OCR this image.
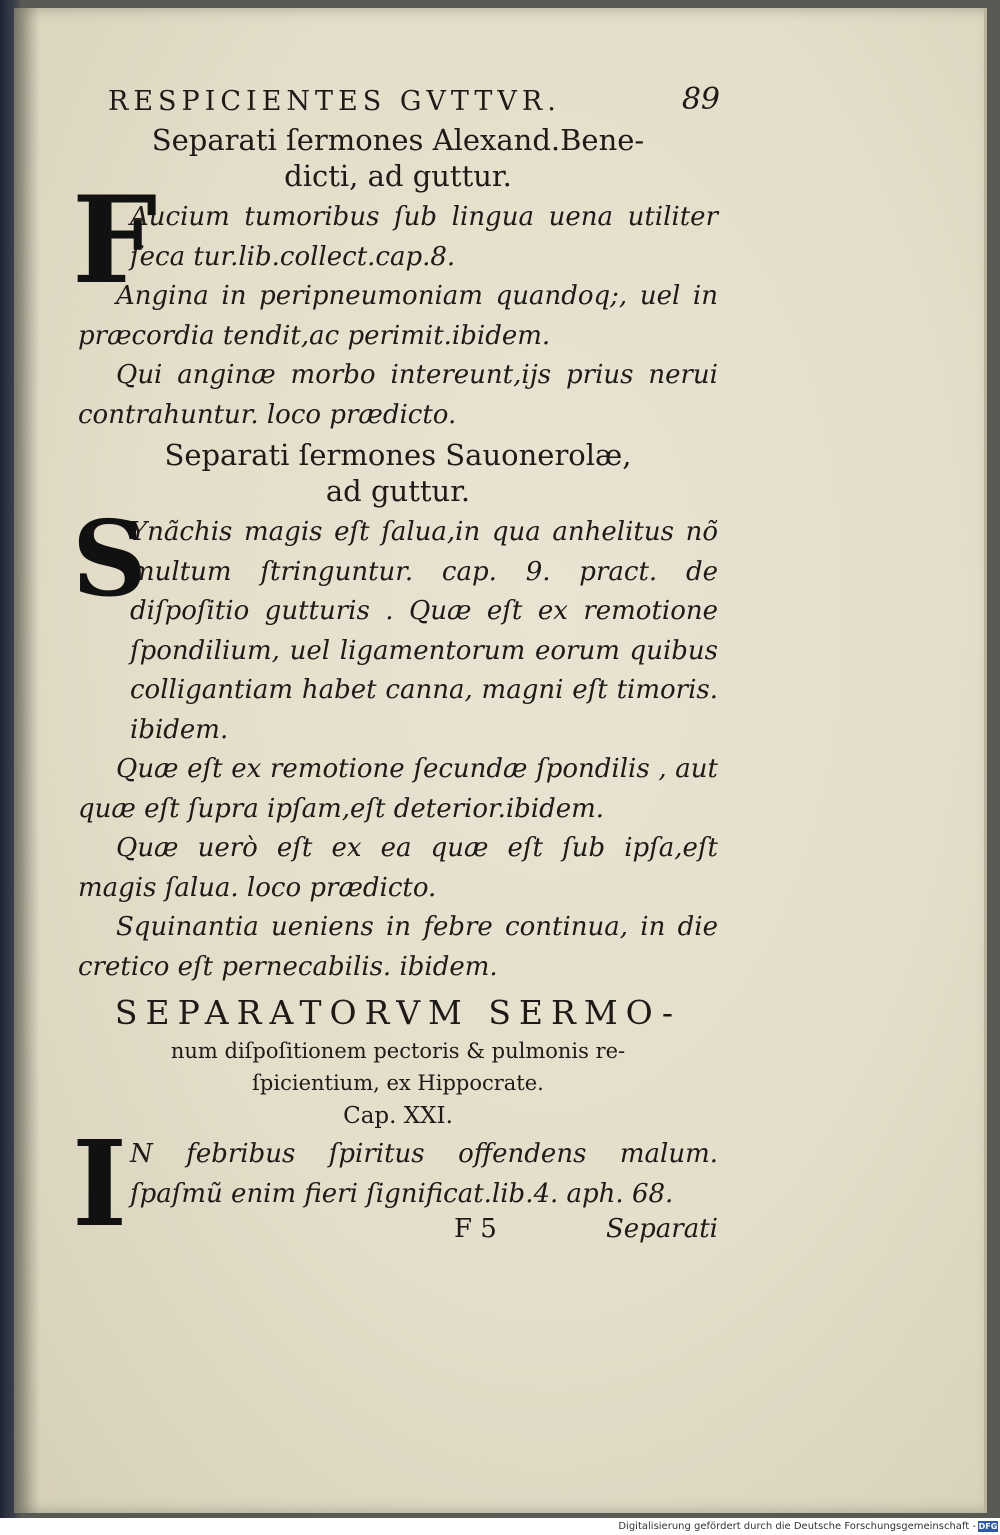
RESPICIENTES GVTTVR.	89

Separati ſermones Alexand.Bene-

dicti, ad guttur.

F
Aucium tumoribus ſub lingua uena utiliter ſeca tur.lib.collect.cap.8.

Angina in peripneumoniam quandoq;, uel in præcordia tendit,ac perimit.ibidem.

Qui anginæ morbo intereunt,ijs prius nerui contrahuntur. loco prædicto.

Separati ſermones Sauonerolæ,

ad guttur.

S
Ynãchis magis eſt ſalua,in qua anhelitus nõ multum ſtringuntur. cap. 9. pract. de diſpoſitio gutturis . Quæ eſt ex remotione ſpondilium, uel ligamentorum eorum quibus colligantiam habet canna, magni eſt timoris. ibidem.

Quæ eſt ex remotione ſecundæ ſpondilis , aut quæ eſt ſupra ipſam,eſt deterior.ibidem.

Quæ uerò eſt ex ea quæ eſt ſub ipſa,eſt magis ſalua. loco prædicto.

Squinantia ueniens in febre continua, in die cretico eſt pernecabilis. ibidem.

SEPARATORVM SERMO-

num diſpoſitionem pectoris & pulmonis re-

ſpicientium, ex Hippocrate.

Cap. XXI.

I N febribus ſpiritus offendens malum. ſpaſmũ enim fieri ſignificat.lib.4. aph. 68.

F 5	Separati
Digitalisierung gefördert durch die Deutsche Forschungsgemeinschaft - DFG
